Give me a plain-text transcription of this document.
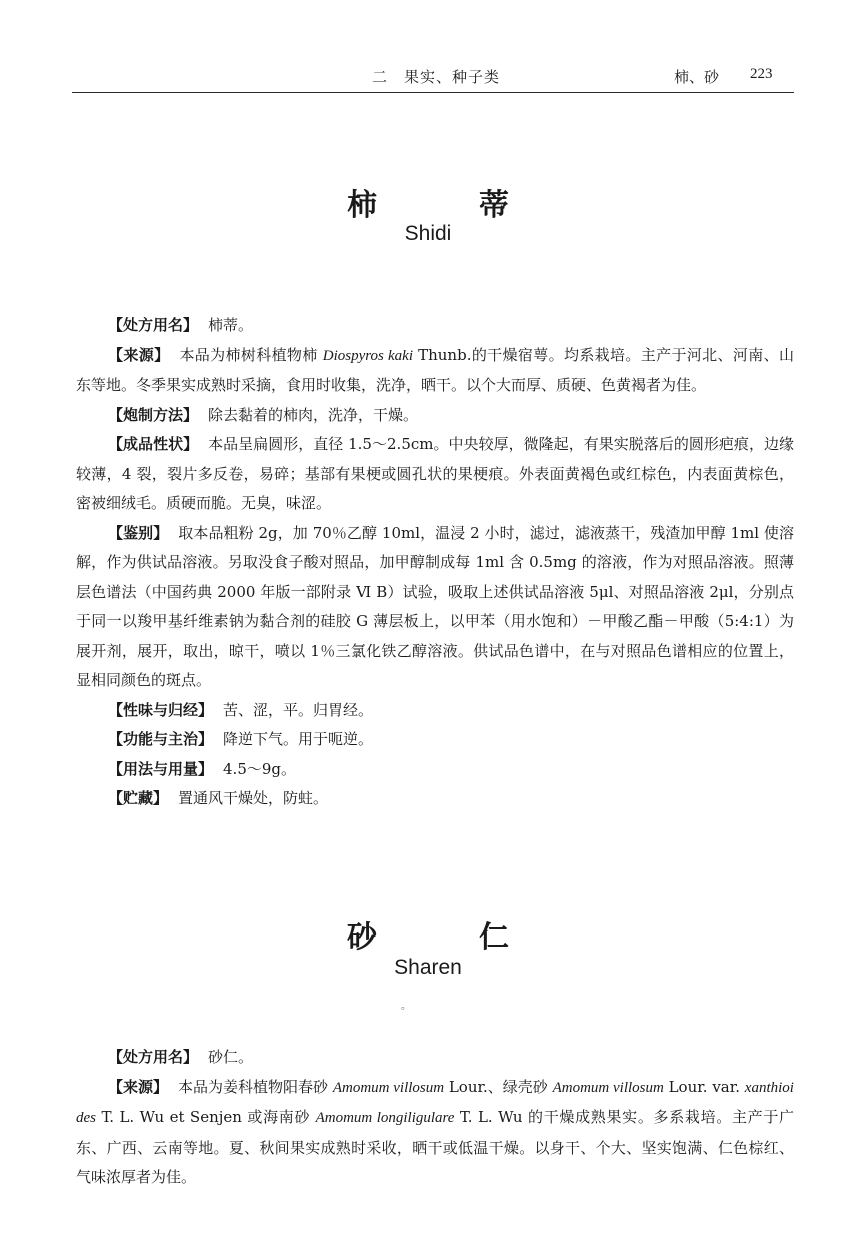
二　果实、种子类	柿、砂 223
柿　蒂
Shidi

【处方用名】 柿蒂。

【来源】 本品为柿树科植物柿 Diospyros kaki Thunb.的干燥宿萼。均系栽培。主产于河北、河南、山东等地。冬季果实成熟时采摘，食用时收集，洗净，晒干。以个大而厚、质硬、色黄褐者为佳。

【炮制方法】 除去黏着的柿肉，洗净，干燥。

【成品性状】 本品呈扁圆形，直径 1.5～2.5cm。中央较厚，微隆起，有果实脱落后的圆形疤痕，边缘较薄，4 裂，裂片多反卷，易碎；基部有果梗或圆孔状的果梗痕。外表面黄褐色或红棕色，内表面黄棕色，密被细绒毛。质硬而脆。无臭，味涩。

【鉴别】 取本品粗粉 2g，加 70％乙醇 10ml，温浸 2 小时，滤过，滤液蒸干，残渣加甲醇 1ml 使溶解，作为供试品溶液。另取没食子酸对照品，加甲醇制成每 1ml 含 0.5mg 的溶液，作为对照品溶液。照薄层色谱法（中国药典 2000 年版一部附录 Ⅵ B）试验，吸取上述供试品溶液 5μl、对照品溶液 2μl，分别点于同一以羧甲基纤维素钠为黏合剂的硅胶 G 薄层板上，以甲苯（用水饱和）－甲酸乙酯－甲酸（5:4:1）为展开剂，展开，取出，晾干，喷以 1％三氯化铁乙醇溶液。供试品色谱中，在与对照品色谱相应的位置上，显相同颜色的斑点。

【性味与归经】 苦、涩，平。归胃经。

【功能与主治】 降逆下气。用于呃逆。

【用法与用量】 4.5～9g。

【贮藏】 置通风干燥处，防蛀。

砂　仁
Sharen
。

【处方用名】 砂仁。

【来源】 本品为姜科植物阳春砂 Amomum villosum Lour.、绿壳砂 Amomum villosum Lour. var. xanthioides T. L. Wu et Senjen 或海南砂 Amomum longiligulare T. L. Wu 的干燥成熟果实。多系栽培。主产于广东、广西、云南等地。夏、秋间果实成熟时采收，晒干或低温干燥。以身干、个大、坚实饱满、仁色棕红、气味浓厚者为佳。
